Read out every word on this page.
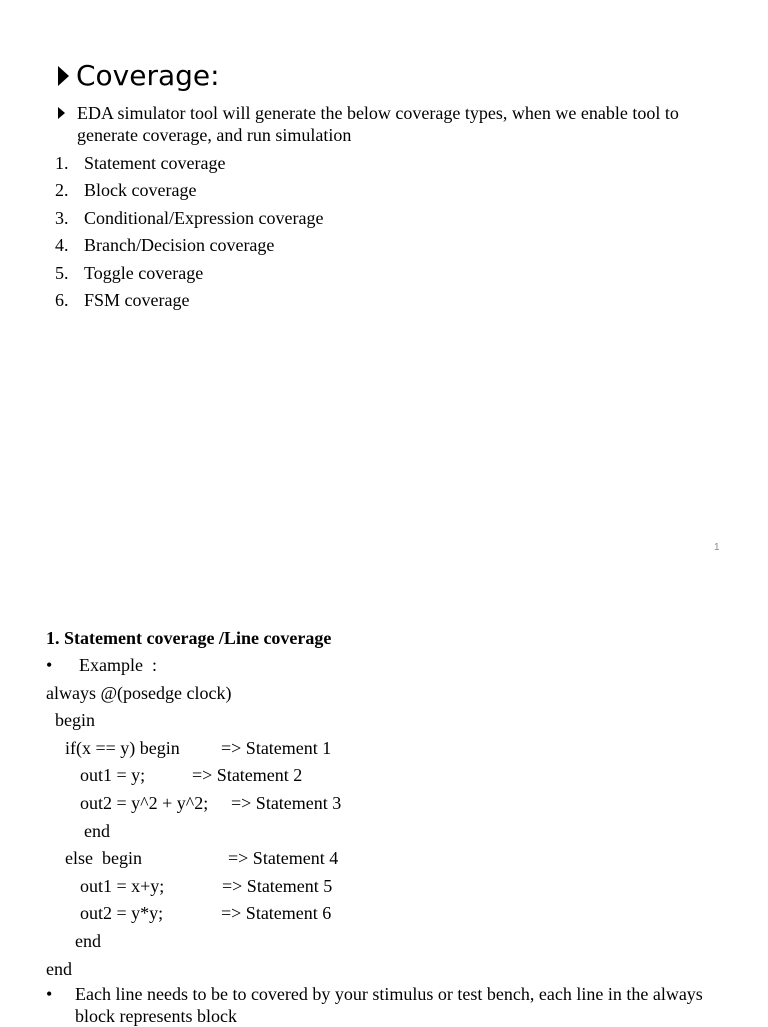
Coverage:
EDA simulator tool will generate the below coverage types, when we enable tool to generate coverage, and run simulation
1. Statement coverage
2. Block coverage
3. Conditional/Expression coverage
4. Branch/Decision coverage
5. Toggle coverage
6. FSM coverage
1
1. Statement coverage /Line coverage
•	Example  :
always @(posedge clock)
begin
if(x == y) begin => Statement 1
out1 = y;	=> Statement 2
out2 = y^2 + y^2; => Statement 3
end
else  begin	=> Statement 4
out1 = x+y;	=> Statement 5
out2 = y*y;	=> Statement 6
end
end
•	Each line needs to be to covered by your stimulus or test bench, each line in the always block represents block
